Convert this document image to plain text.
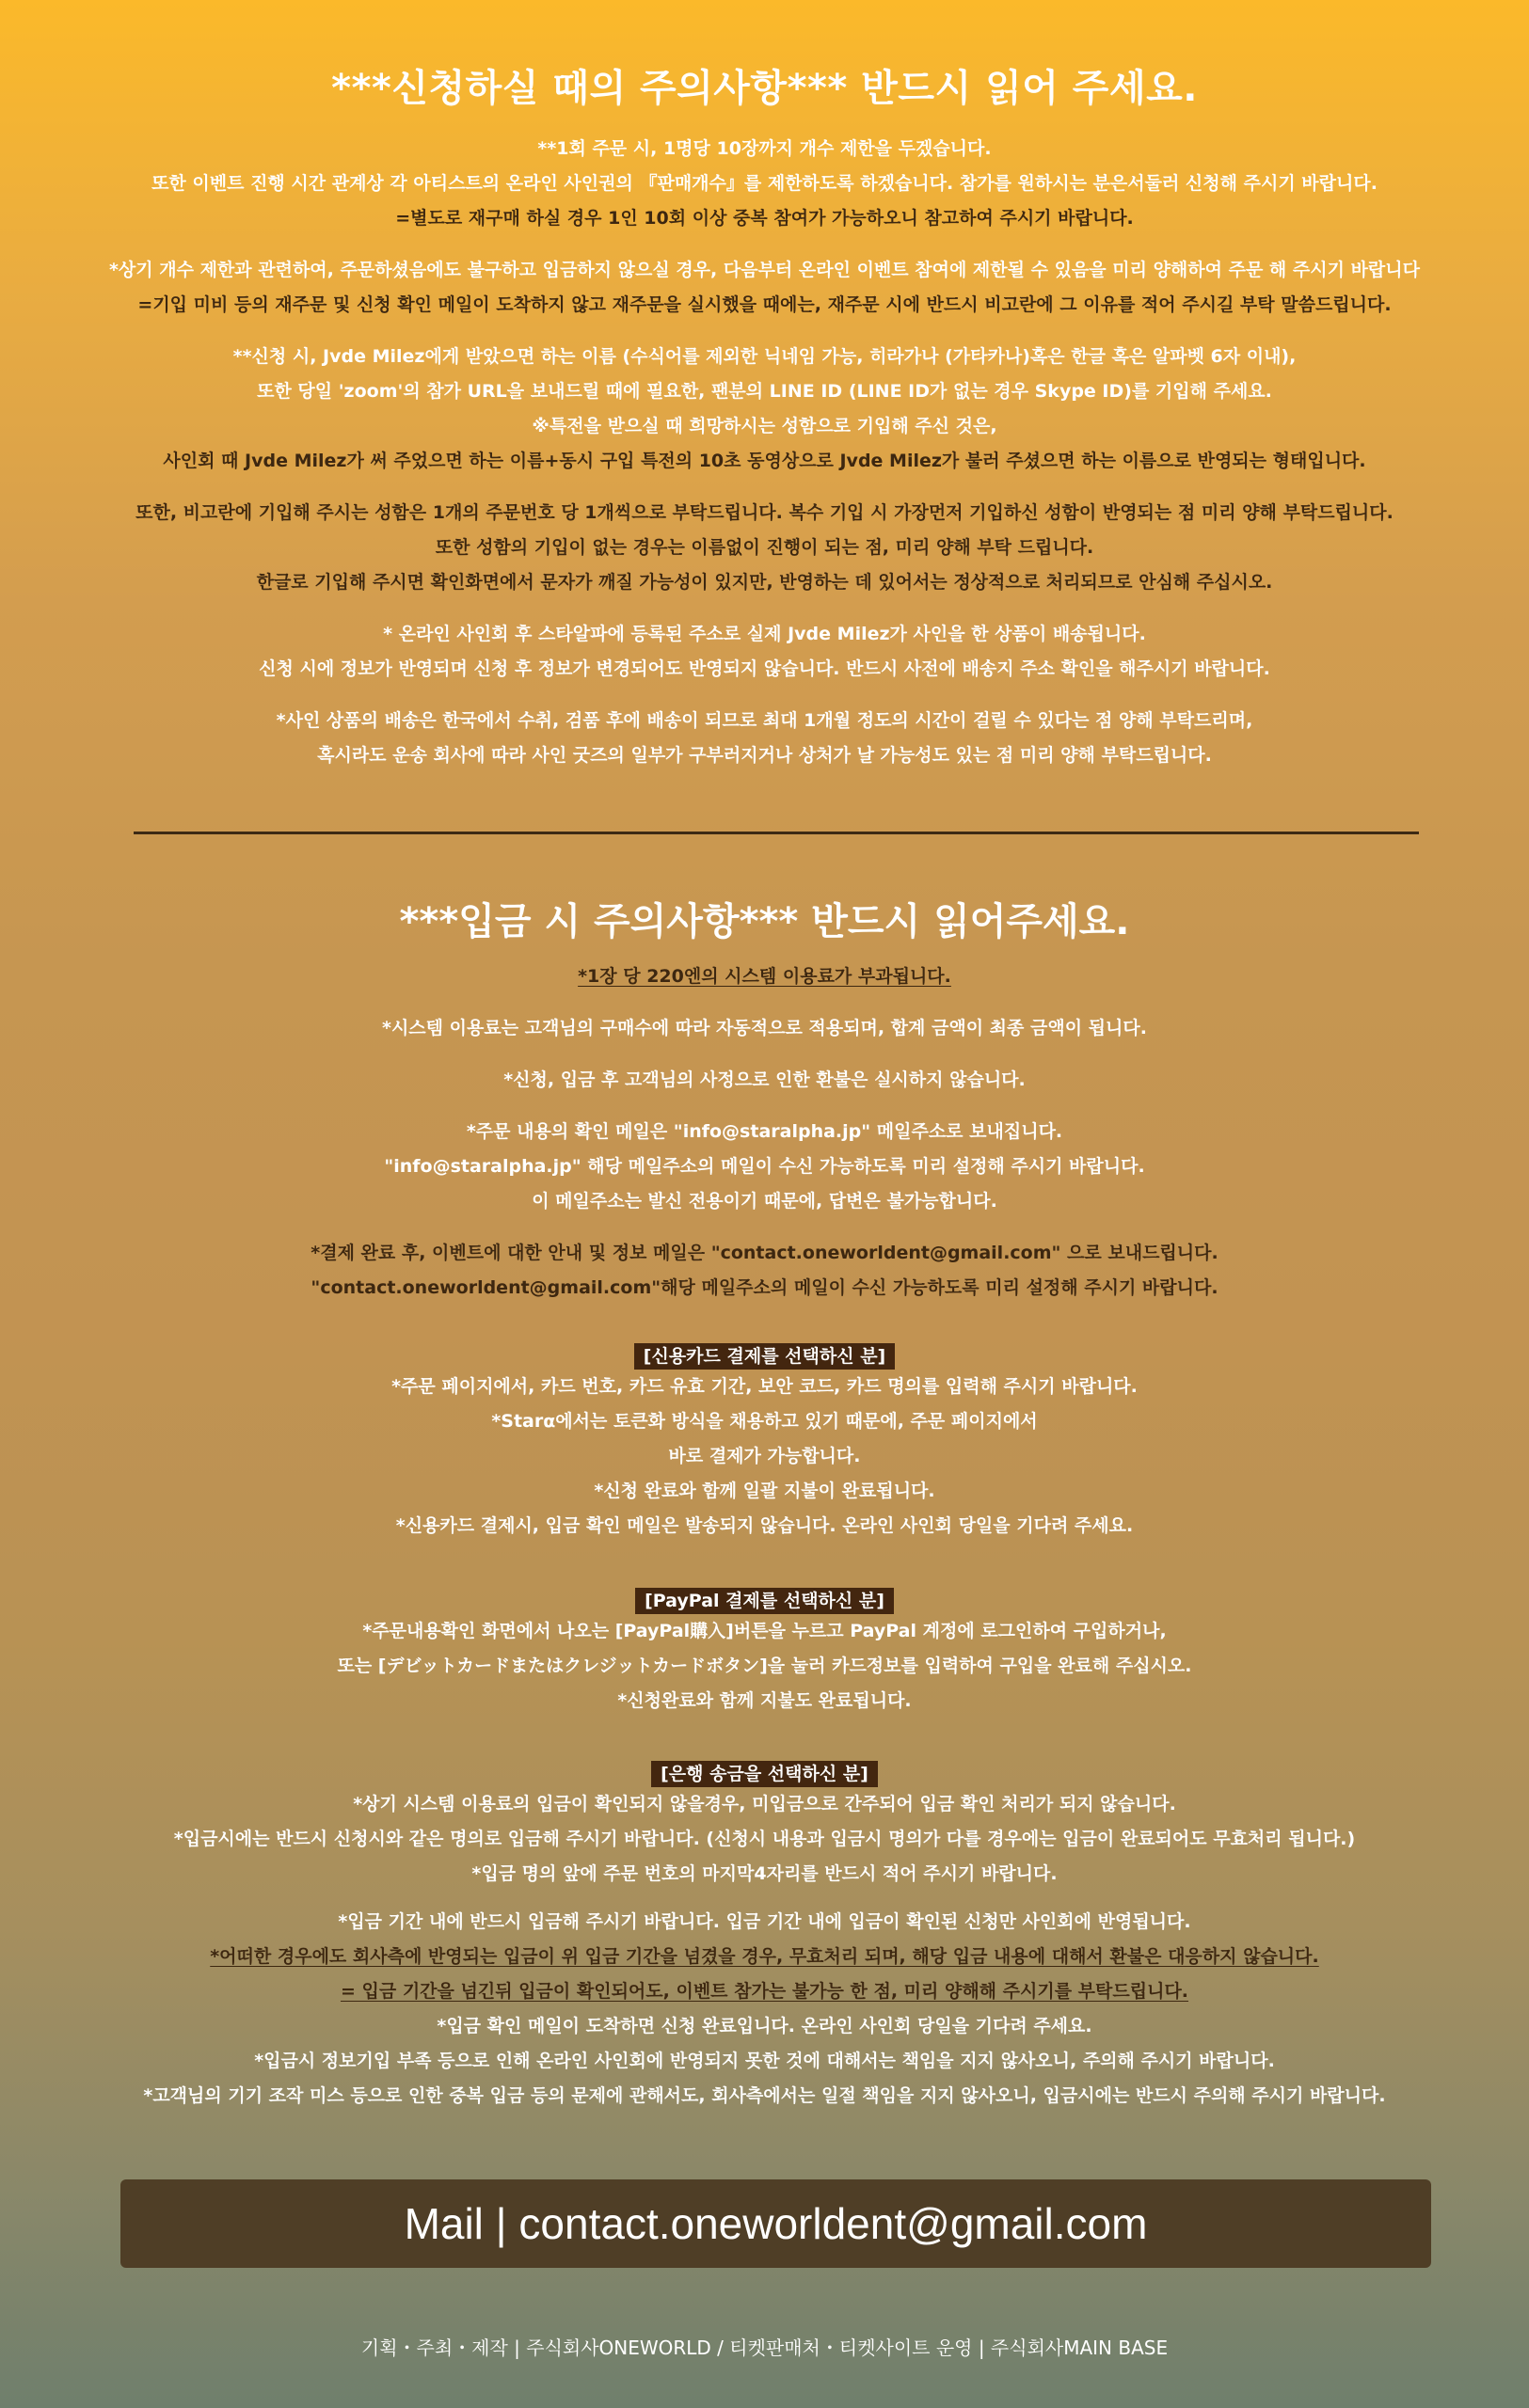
***신청하실 때의 주의사항*** 반드시 읽어 주세요.
**1회 주문 시, 1명당 10장까지 개수 제한을 두겠습니다.
또한 이벤트 진행 시간 관계상 각 아티스트의 온라인 사인권의 『판매개수』를 제한하도록 하겠습니다. 참가를 원하시는 분은서둘러 신청해 주시기 바랍니다.
=별도로 재구매 하실 경우 1인 10회 이상 중복 참여가 가능하오니 참고하여 주시기 바랍니다.
*상기 개수 제한과 관련하여, 주문하셨음에도 불구하고 입금하지 않으실 경우, 다음부터 온라인 이벤트 참여에 제한될 수 있음을 미리 양해하여 주문 해 주시기 바랍니다
=기입 미비 등의 재주문 및 신청 확인 메일이 도착하지 않고 재주문을 실시했을 때에는, 재주문 시에 반드시 비고란에 그 이유를 적어 주시길 부탁 말씀드립니다.
**신청 시, Jvde Milez에게 받았으면 하는 이름 (수식어를 제외한 닉네임 가능, 히라가나 (가타카나)혹은 한글 혹은 알파벳 6자 이내),
또한 당일 'zoom'의 참가 URL을 보내드릴 때에 필요한, 팬분의 LINE ID (LINE ID가 없는 경우 Skype ID)를 기입해 주세요.
※특전을 받으실 때 희망하시는 성함으로 기입해 주신 것은,
사인회 때 Jvde Milez가 써 주었으면 하는 이름+동시 구입 특전의 10초 동영상으로 Jvde Milez가 불러 주셨으면 하는 이름으로 반영되는 형태입니다.
또한, 비고란에 기입해 주시는 성함은 1개의 주문번호 당 1개씩으로 부탁드립니다. 복수 기입 시 가장먼저 기입하신 성함이 반영되는 점 미리 양해 부탁드립니다.
또한 성함의 기입이 없는 경우는 이름없이 진행이 되는 점, 미리 양해 부탁 드립니다.
한글로 기입해 주시면 확인화면에서 문자가 깨질 가능성이 있지만, 반영하는 데 있어서는 정상적으로 처리되므로 안심해 주십시오.
* 온라인 사인회 후 스타알파에 등록된 주소로 실제 Jvde Milez가 사인을 한 상품이 배송됩니다.
신청 시에 정보가 반영되며 신청 후 정보가 변경되어도 반영되지 않습니다. 반드시 사전에 배송지 주소 확인을 해주시기 바랍니다.
*사인 상품의 배송은 한국에서 수취, 검품 후에 배송이 되므로 최대 1개월 정도의 시간이 걸릴 수 있다는 점 양해 부탁드리며,
혹시라도 운송 회사에 따라 사인 굿즈의 일부가 구부러지거나 상처가 날 가능성도 있는 점 미리 양해 부탁드립니다.
***입금 시 주의사항*** 반드시 읽어주세요.
*1장 당 220엔의 시스템 이용료가 부과됩니다.
*시스템 이용료는 고객님의 구매수에 따라 자동적으로 적용되며, 합계 금액이 최종 금액이 됩니다.
*신청, 입금 후 고객님의 사정으로 인한 환불은 실시하지 않습니다.
*주문 내용의 확인 메일은 "info@staralpha.jp" 메일주소로 보내집니다.
"info@staralpha.jp" 해당 메일주소의 메일이 수신 가능하도록 미리 설정해 주시기 바랍니다.
이 메일주소는 발신 전용이기 때문에, 답변은 불가능합니다.
*결제 완료 후, 이벤트에 대한 안내 및 정보 메일은 "contact.oneworldent@gmail.com" 으로 보내드립니다.
"contact.oneworldent@gmail.com"해당 메일주소의 메일이 수신 가능하도록 미리 설정해 주시기 바랍니다.
[신용카드 결제를 선택하신 분]
*주문 페이지에서, 카드 번호, 카드 유효 기간, 보안 코드, 카드 명의를 입력해 주시기 바랍니다.
*Starα에서는 토큰화 방식을 채용하고 있기 때문에, 주문 페이지에서
바로 결제가 가능합니다.
*신청 완료와 함께 일괄 지불이 완료됩니다.
*신용카드 결제시, 입금 확인 메일은 발송되지 않습니다. 온라인 사인회 당일을 기다려 주세요.
[PayPal 결제를 선택하신 분]
*주문내용확인 화면에서 나오는 [PayPal購入]버튼을 누르고 PayPal 계정에 로그인하여 구입하거나,
또는 [デビットカードまたはクレジットカードボタン]을 눌러 카드정보를 입력하여 구입을 완료해 주십시오.
*신청완료와 함께 지불도 완료됩니다.
[은행 송금을 선택하신 분]
*상기 시스템 이용료의 입금이 확인되지 않을경우, 미입금으로 간주되어 입금 확인 처리가 되지 않습니다.
*입금시에는 반드시 신청시와 같은 명의로 입금해 주시기 바랍니다. (신청시 내용과 입금시 명의가 다를 경우에는 입금이 완료되어도 무효처리 됩니다.)
*입금 명의 앞에 주문 번호의 마지막4자리를 반드시 적어 주시기 바랍니다.
*입금 기간 내에 반드시 입금해 주시기 바랍니다. 입금 기간 내에 입금이 확인된 신청만 사인회에 반영됩니다.
*어떠한 경우에도 회사측에 반영되는 입금이 위 입금 기간을 넘겼을 경우, 무효처리 되며, 해당 입금 내용에 대해서 환불은 대응하지 않습니다.
= 입금 기간을 넘긴뒤 입금이 확인되어도, 이벤트 참가는 불가능 한 점, 미리 양해해 주시기를 부탁드립니다.
*입금 확인 메일이 도착하면 신청 완료입니다. 온라인 사인회 당일을 기다려 주세요.
*입금시 정보기입 부족 등으로 인해 온라인 사인회에 반영되지 못한 것에 대해서는 책임을 지지 않사오니, 주의해 주시기 바랍니다.
*고객님의 기기 조작 미스 등으로 인한 중복 입금 등의 문제에 관해서도, 회사측에서는 일절 책임을 지지 않사오니, 입금시에는 반드시 주의해 주시기 바랍니다.
Mail | contact.oneworldent@gmail.com
기획・주최・제작 | 주식회사ONEWORLD / 티켓판매처・티켓사이트 운영 | 주식회사MAIN BASE
